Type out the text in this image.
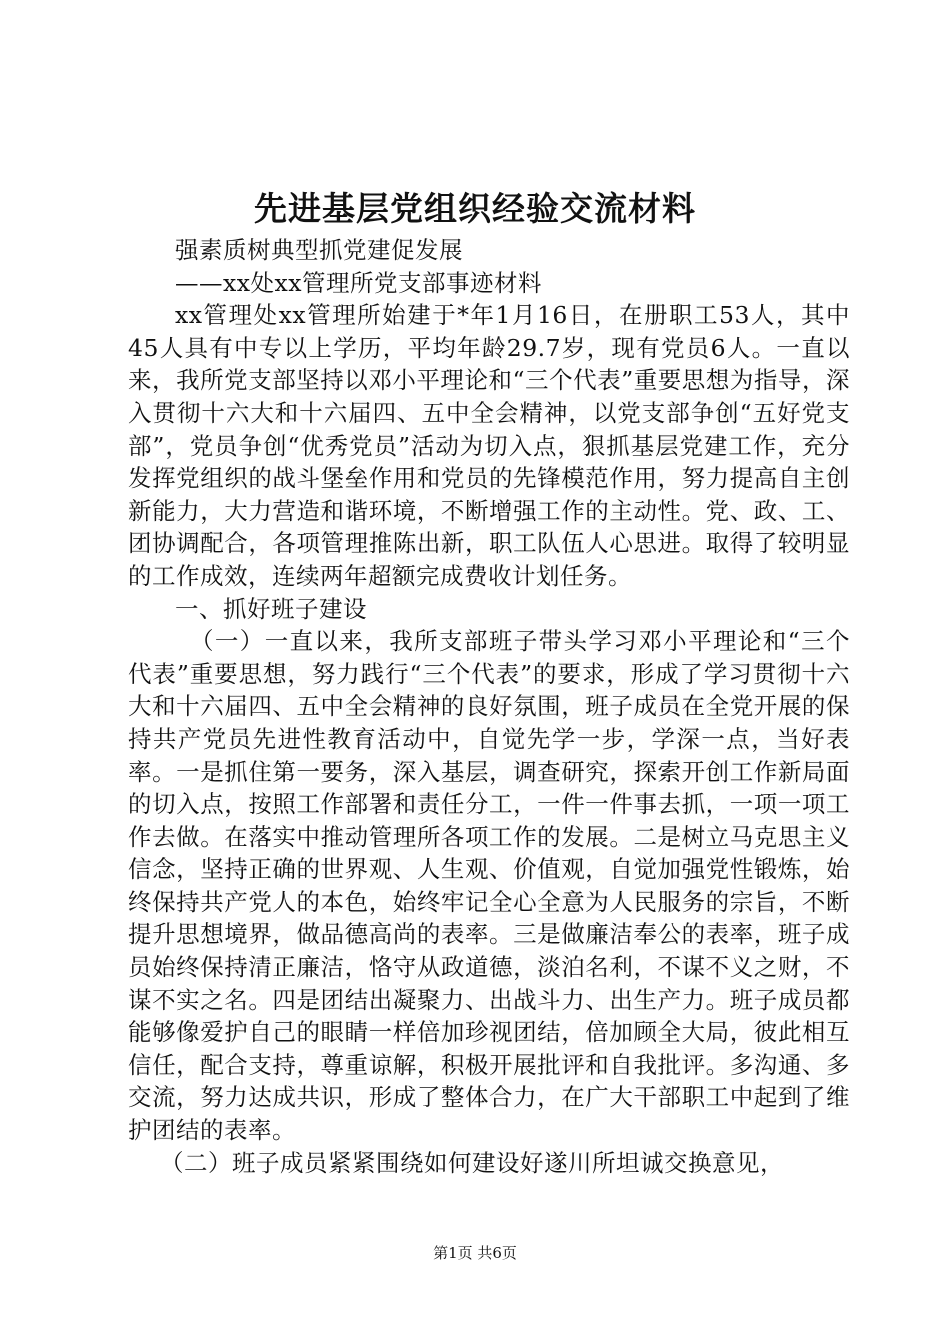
先进基层党组织经验交流材料

强素质树典型抓党建促发展

——xx处xx管理所党支部事迹材料

xx管理处xx管理所始建于*年1月16日，在册职工53人，其中45人具有中专以上学历，平均年龄29.7岁，现有党员6人。一直以来，我所党支部坚持以邓小平理论和“三个代表”重要思想为指导，深入贯彻十六大和十六届四、五中全会精神，以党支部争创“五好党支部”，党员争创“优秀党员”活动为切入点，狠抓基层党建工作，充分发挥党组织的战斗堡垒作用和党员的先锋模范作用，努力提高自主创新能力，大力营造和谐环境，不断增强工作的主动性。党、政、工、团协调配合，各项管理推陈出新，职工队伍人心思进。取得了较明显的工作成效，连续两年超额完成费收计划任务。

一、抓好班子建设

（一）一直以来，我所支部班子带头学习邓小平理论和“三个代表”重要思想，努力践行“三个代表”的要求，形成了学习贯彻十六大和十六届四、五中全会精神的良好氛围，班子成员在全党开展的保持共产党员先进性教育活动中，自觉先学一步，学深一点，当好表率。一是抓住第一要务，深入基层，调查研究，探索开创工作新局面的切入点，按照工作部署和责任分工，一件一件事去抓，一项一项工作去做。在落实中推动管理所各项工作的发展。二是树立马克思主义信念，坚持正确的世界观、人生观、价值观，自觉加强党性锻炼，始终保持共产党人的本色，始终牢记全心全意为人民服务的宗旨，不断提升思想境界，做品德高尚的表率。三是做廉洁奉公的表率，班子成员始终保持清正廉洁，恪守从政道德，淡泊名利，不谋不义之财，不谋不实之名。四是团结出凝聚力、出战斗力、出生产力。班子成员都能够像爱护自己的眼睛一样倍加珍视团结，倍加顾全大局，彼此相互信任，配合支持，尊重谅解，积极开展批评和自我批评。多沟通、多交流，努力达成共识，形成了整体合力，在广大干部职工中起到了维护团结的表率。

（二）班子成员紧紧围绕如何建设好遂川所坦诚交换意见，

第1页 共6页
